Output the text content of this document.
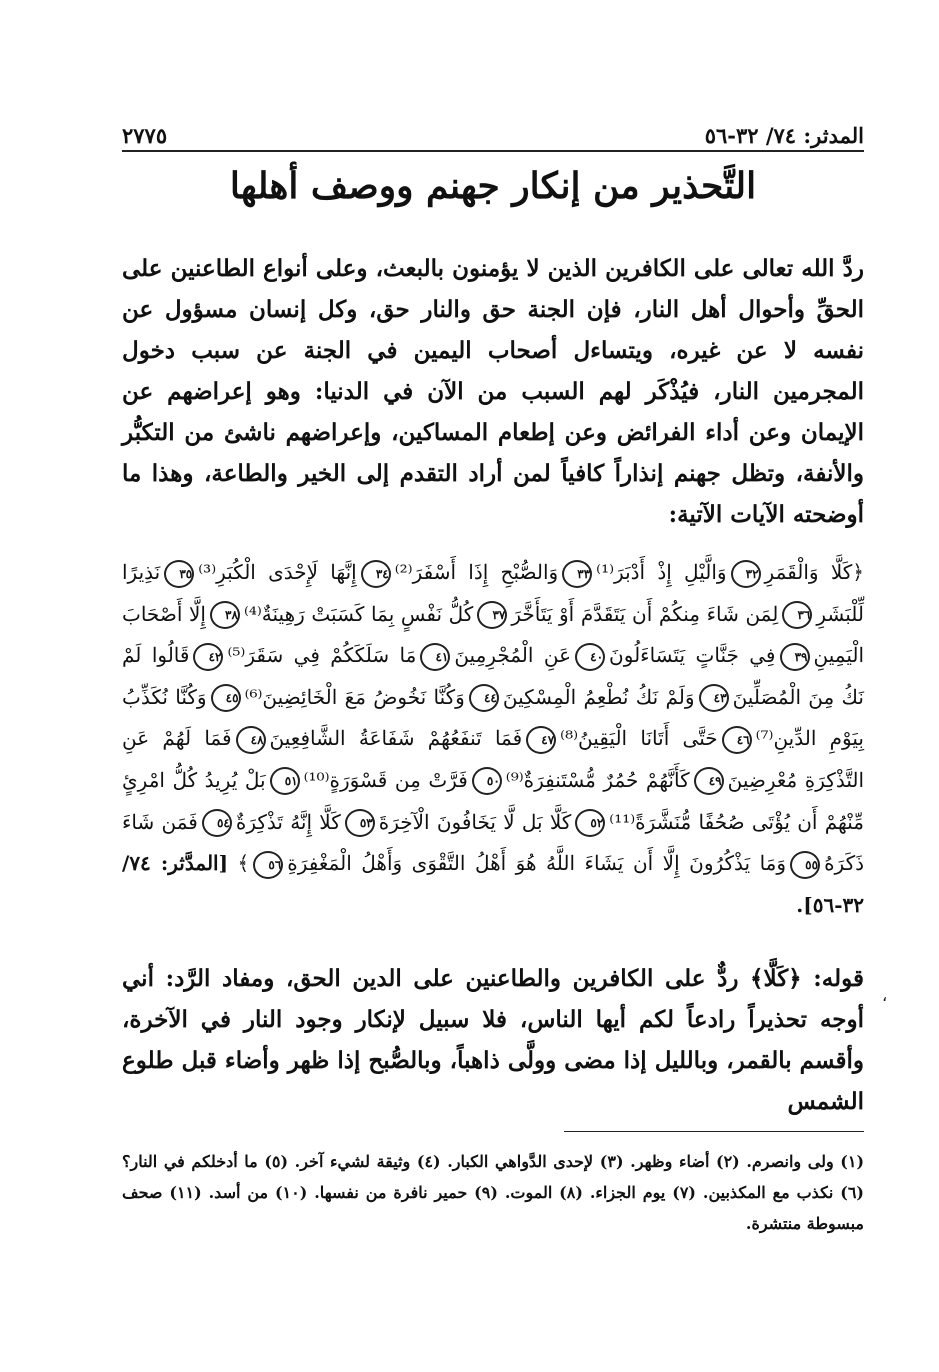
المدثر: ٧٤/ ٣٢-٥٦
٢٧٧٥
التَّحذير من إنكار جهنم ووصف أهلها
ردَّ الله تعالى على الكافرين الذين لا يؤمنون بالبعث، وعلى أنواع الطاعنين على الحقِّ وأحوال أهل النار، فإن الجنة حق والنار حق، وكل إنسان مسؤول عن نفسه لا عن غيره، ويتساءل أصحاب اليمين في الجنة عن سبب دخول المجرمين النار، فيُذْكَر لهم السبب من الآن في الدنيا: وهو إعراضهم عن الإيمان وعن أداء الفرائض وعن إطعام المساكين، وإعراضهم ناشئ من التكبُّر والأنفة، وتظل جهنم إنذاراً كافياً لمن أراد التقدم إلى الخير والطاعة، وهذا ما أوضحته الآيات الآتية:
﴿كَلَّا وَالْقَمَرِ٣٢وَالَّيْلِ إِذْ أَدْبَرَ⁽¹⁾٣٣وَالصُّبْحِ إِذَا أَسْفَرَ⁽²⁾٣٤إِنَّهَا لَإِحْدَى الْكُبَرِ⁽³⁾٣٥نَذِيرًا لِّلْبَشَرِ٣٦لِمَن شَاءَ مِنكُمْ أَن يَتَقَدَّمَ أَوْ يَتَأَخَّرَ٣٧كُلُّ نَفْسٍ بِمَا كَسَبَتْ رَهِينَةٌ⁽⁴⁾٣٨إِلَّا أَصْحَابَ الْيَمِينِ٣٩فِي جَنَّاتٍ يَتَسَاءَلُونَ٤٠عَنِ الْمُجْرِمِينَ٤١مَا سَلَكَكُمْ فِي سَقَرَ⁽⁵⁾٤٢قَالُوا لَمْ نَكُ مِنَ الْمُصَلِّينَ٤٣وَلَمْ نَكُ نُطْعِمُ الْمِسْكِينَ٤٤وَكُنَّا نَخُوضُ مَعَ الْخَائِضِينَ⁽⁶⁾٤٥وَكُنَّا نُكَذِّبُ بِيَوْمِ الدِّينِ⁽⁷⁾٤٦حَتَّى أَتَانَا الْيَقِينُ⁽⁸⁾٤٧فَمَا تَنفَعُهُمْ شَفَاعَةُ الشَّافِعِينَ٤٨فَمَا لَهُمْ عَنِ التَّذْكِرَةِ مُعْرِضِينَ٤٩كَأَنَّهُمْ حُمُرٌ مُّسْتَنفِرَةٌ⁽⁹⁾٥٠فَرَّتْ مِن قَسْوَرَةٍ⁽¹⁰⁾٥١بَلْ يُرِيدُ كُلُّ امْرِئٍ مِّنْهُمْ أَن يُؤْتَى صُحُفًا مُّنَشَّرَةً⁽¹¹⁾٥٢كَلَّا بَل لَّا يَخَافُونَ الْآخِرَةَ٥٣كَلَّا إِنَّهُ تَذْكِرَةٌ٥٤فَمَن شَاءَ ذَكَرَهُ٥٥وَمَا يَذْكُرُونَ إِلَّا أَن يَشَاءَ اللَّهُ هُوَ أَهْلُ التَّقْوَى وَأَهْلُ الْمَغْفِرَةِ٥٦﴾ [المدَّثر: ٧٤/ ٣٢-٥٦].
،
قوله: ﴿كَلَّا﴾ ردٌّ على الكافرين والطاعنين على الدين الحق، ومفاد الرَّد: أني أوجه تحذيراً رادعاً لكم أيها الناس، فلا سبيل لإنكار وجود النار في الآخرة، وأقسم بالقمر، وبالليل إذا مضى وولَّى ذاهباً، وبالصُّبح إذا ظهر وأضاء قبل طلوع الشمس
(١) ولى وانصرم. (٢) أضاء وظهر. (٣) لإحدى الدَّواهي الكبار. (٤) وثيقة لشيء آخر. (٥) ما أدخلكم في النار؟ (٦) نكذب مع المكذبين. (٧) يوم الجزاء. (٨) الموت. (٩) حمير نافرة من نفسها. (١٠) من أسد. (١١) صحف مبسوطة منتشرة.
